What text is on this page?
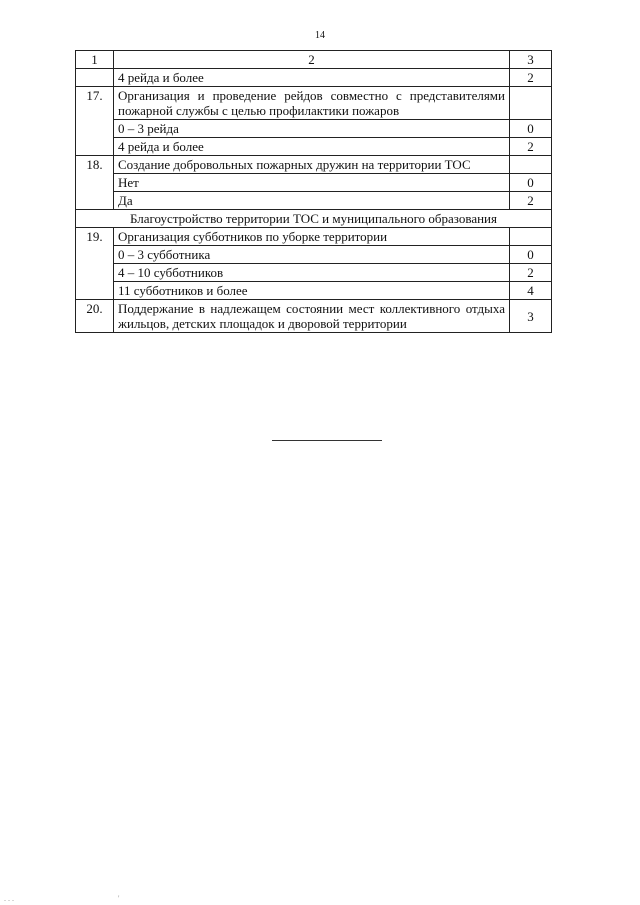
14
1	2	3
	4 рейда и более	2
17.	Организация и проведение рейдов совместно с представителями пожарной службы с целью профилактики пожаров	
	0 – 3 рейда	0
	4 рейда и более	2
18.	Создание добровольных пожарных дружин на территории ТОС	
	Нет	0
	Да	2
Благоустройство территории ТОС и муниципального образования		
19.	Организация субботников по уборке территории	
	0 – 3 субботника	0
	4 – 10 субботников	2
	11 субботников и более	4
20.	Поддержание в надлежащем состоянии мест коллективного отдыха жильцов, детских площадок и дворовой территории	3
. . .	'
